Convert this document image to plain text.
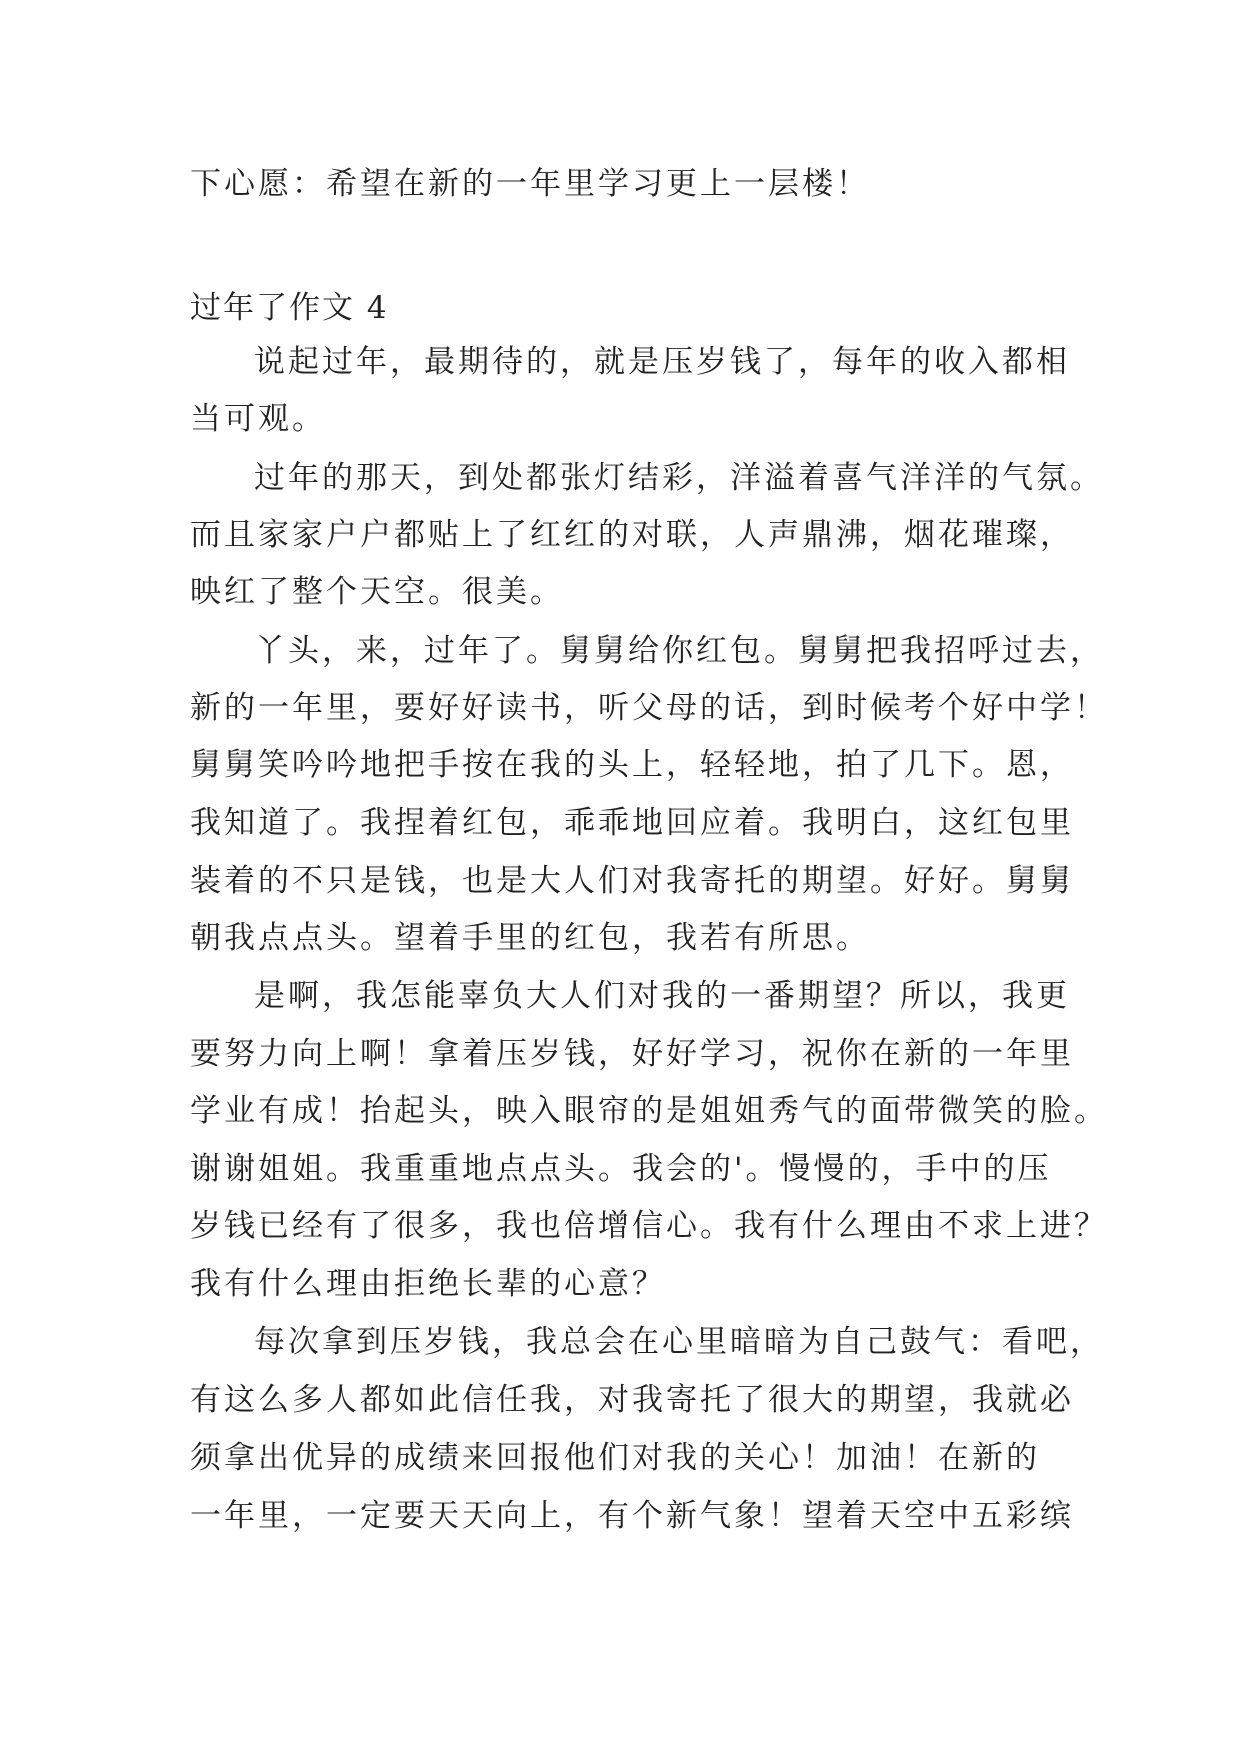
下心愿：希望在新的一年里学习更上一层楼！
过年了作文 4
说起过年，最期待的，就是压岁钱了，每年的收入都相
当可观。
过年的那天，到处都张灯结彩，洋溢着喜气洋洋的气氛。
而且家家户户都贴上了红红的对联，人声鼎沸，烟花璀璨，
映红了整个天空。很美。
丫头，来，过年了。舅舅给你红包。舅舅把我招呼过去，
新的一年里，要好好读书，听父母的话，到时候考个好中学！
舅舅笑吟吟地把手按在我的头上，轻轻地，拍了几下。恩，
我知道了。我捏着红包，乖乖地回应着。我明白，这红包里
装着的不只是钱，也是大人们对我寄托的期望。好好。舅舅
朝我点点头。望着手里的红包，我若有所思。
是啊，我怎能辜负大人们对我的一番期望？所以，我更
要努力向上啊！拿着压岁钱，好好学习，祝你在新的一年里
学业有成！抬起头，映入眼帘的是姐姐秀气的面带微笑的脸。
谢谢姐姐。我重重地点点头。我会的'。慢慢的，手中的压
岁钱已经有了很多，我也倍增信心。我有什么理由不求上进？
我有什么理由拒绝长辈的心意？
每次拿到压岁钱，我总会在心里暗暗为自己鼓气：看吧，
有这么多人都如此信任我，对我寄托了很大的期望，我就必
须拿出优异的成绩来回报他们对我的关心！加油！在新的
一年里，一定要天天向上，有个新气象！望着天空中五彩缤
